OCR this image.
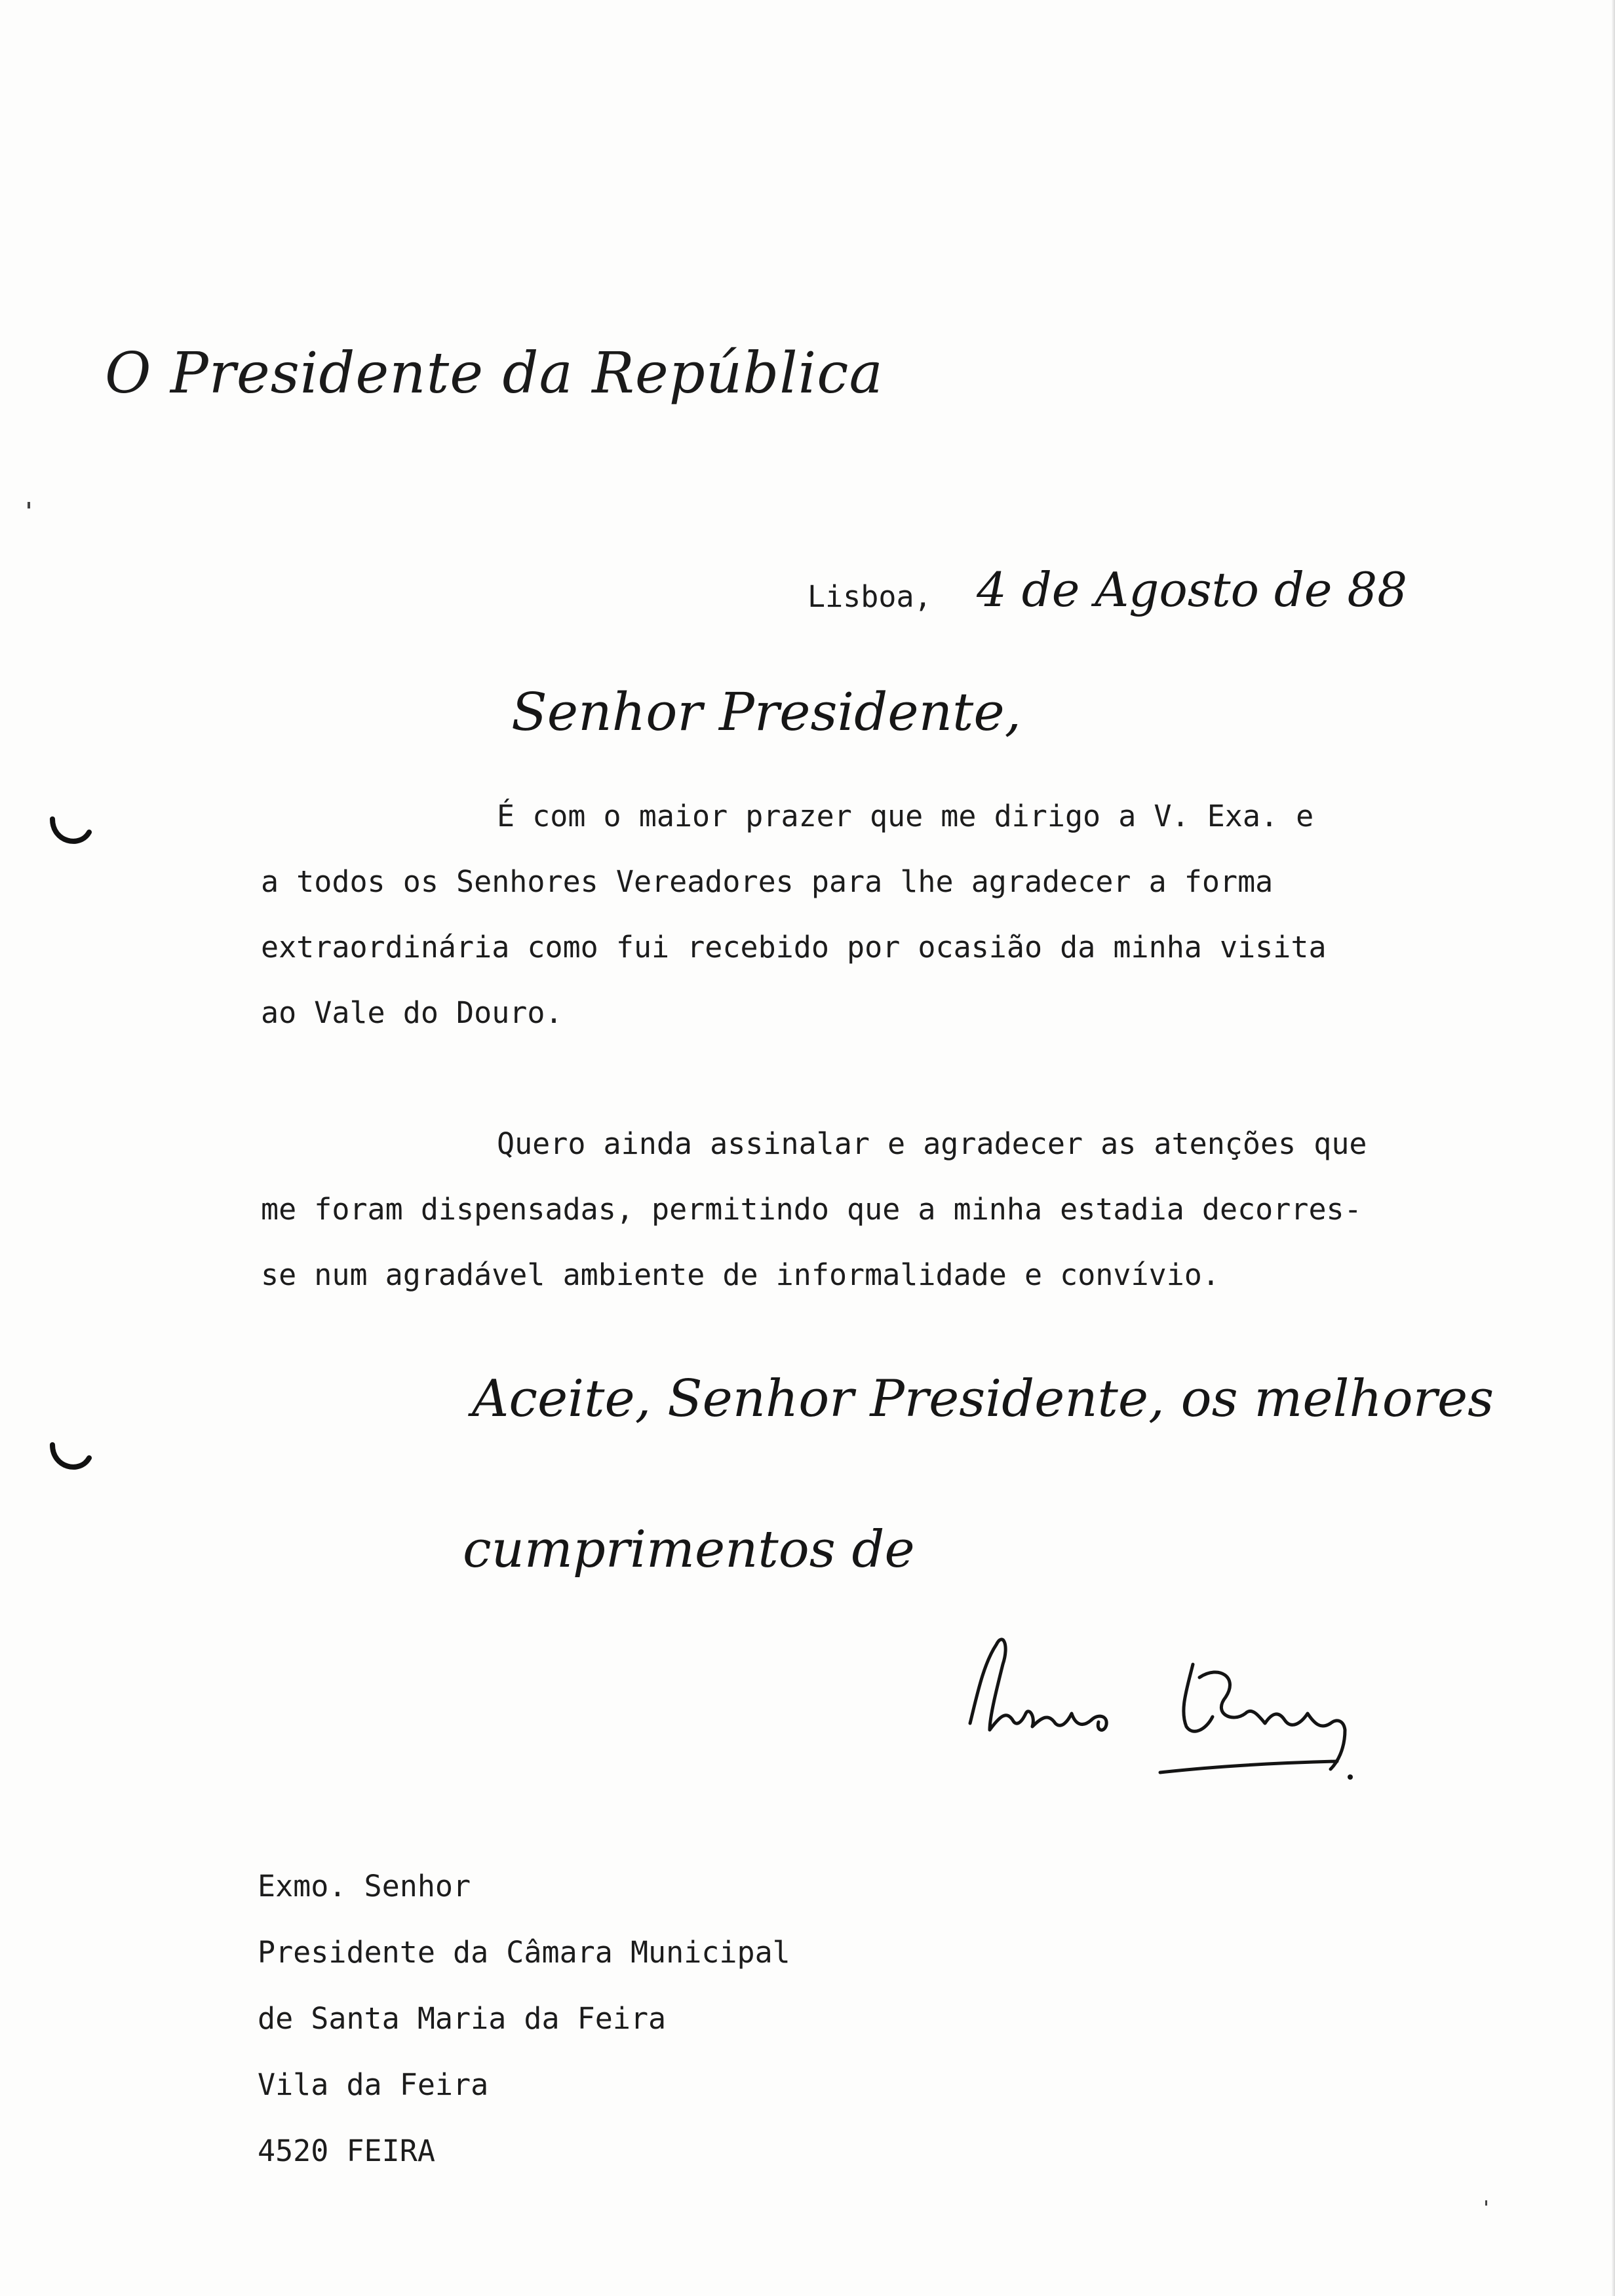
O Presidente da República
Lisboa, 4 de Agosto de 88
Senhor Presidente,
É com o maior prazer que me dirigo a V. Exa. e
a todos os Senhores Vereadores para lhe agradecer a forma
extraordinária como fui recebido por ocasião da minha visita
ao Vale do Douro.
Quero ainda assinalar e agradecer as atenções que
me foram dispensadas, permitindo que a minha estadia decorres-
se num agradável ambiente de informalidade e convívio.
Aceite, Senhor Presidente, os melhores
cumprimentos de
Exmo. Senhor
Presidente da Câmara Municipal
de Santa Maria da Feira
Vila da Feira
4520 FEIRA
